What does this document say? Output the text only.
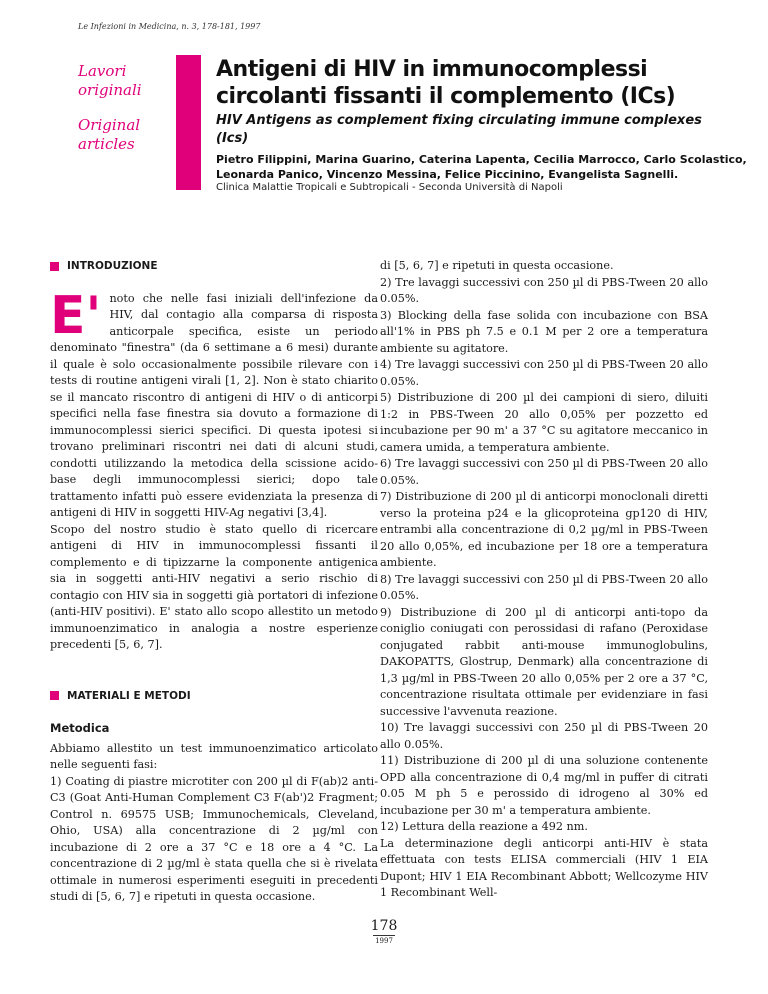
Le Infezioni in Medicina, n. 3, 178-181, 1997
Lavori
originali
Original
articles
Antigeni di HIV in immunocomplessi circolanti fissanti il complemento (ICs)
HIV Antigens as complement fixing circulating immune complexes (Ics)
Pietro Filippini, Marina Guarino, Caterina Lapenta, Cecilia Marrocco, Carlo Scolastico, Leonarda Panico, Vincenzo Messina, Felice Piccinino, Evangelista Sagnelli.
Clinica Malattie Tropicali e Subtropicali - Seconda Università di Napoli
INTRODUZIONE
E' noto che nelle fasi iniziali dell'infezione da HIV, dal contagio alla comparsa di risposta anticorpale specifica, esiste un periodo denominato "finestra" (da 6 settimane a 6 mesi) durante il quale è solo occasionalmente possibile rilevare con i tests di routine antigeni virali [1, 2]. Non è stato chiarito se il mancato riscontro di antigeni di HIV o di anticorpi specifici nella fase finestra sia dovuto a formazione di immunocomplessi sierici specifici. Di questa ipotesi si trovano preliminari riscontri nei dati di alcuni studi, condotti utilizzando la metodica della scissione acido-base degli immunocomplessi sierici; dopo tale trattamento infatti può essere evidenziata la presenza di antigeni di HIV in soggetti HIV-Ag negativi [3,4].

Scopo del nostro studio è stato quello di ricercare antigeni di HIV in immunocomplessi fissanti il complemento e di tipizzarne la componente antigenica sia in soggetti anti-HIV negativi a serio rischio di contagio con HIV sia in soggetti già portatori di infezione (anti-HIV positivi). E' stato allo scopo allestito un metodo immunoenzimatico in analogia a nostre esperienze precedenti [5, 6, 7].

MATERIALI E METODI
Metodica

Abbiamo allestito un test immunoenzimatico articolato nelle seguenti fasi:

1) Coating di piastre microtiter con 200 µl di F(ab)2 anti-C3 (Goat Anti-Human Complement C3 F(ab')2 Fragment; Control n. 69575 USB; Immunochemicals, Cleveland, Ohio, USA) alla concentrazione di 2 µg/ml con incubazione di 2 ore a 37 °C e 18 ore a 4 °C. La concentrazione di 2 µg/ml è stata quella che si è rivelata ottimale in numerosi esperimenti eseguiti in precedenti studi di [5, 6, 7] e ripetuti in questa occasione.

di [5, 6, 7] e ripetuti in questa occasione.
2) Tre lavaggi successivi con 250 µl di PBS-Tween 20 allo 0.05%.
3) Blocking della fase solida con incubazione con BSA all'1% in PBS ph 7.5 e 0.1 M per 2 ore a temperatura ambiente su agitatore.
4) Tre lavaggi successivi con 250 µl di PBS-Tween 20 allo 0.05%.
5) Distribuzione di 200 µl dei campioni di siero, diluiti 1:2 in PBS-Tween 20 allo 0,05% per pozzetto ed incubazione per 90 m' a 37 °C su agitatore meccanico in camera umida, a temperatura ambiente.
6) Tre lavaggi successivi con 250 µl di PBS-Tween 20 allo 0.05%.
7) Distribuzione di 200 µl di anticorpi monoclonali diretti verso la proteina p24 e la glicoproteina gp120 di HIV, entrambi alla concentrazione di 0,2 µg/ml in PBS-Tween 20 allo 0,05%, ed incubazione per 18 ore a temperatura ambiente.
8) Tre lavaggi successivi con 250 µl di PBS-Tween 20 allo 0.05%.
9) Distribuzione di 200 µl di anticorpi anti-topo da coniglio coniugati con perossidasi di rafano (Peroxidase conjugated rabbit anti-mouse immunoglobulins, DAKOPATTS, Glostrup, Denmark) alla concentrazione di 1,3 µg/ml in PBS-Tween 20 allo 0,05% per 2 ore a 37 °C, concentrazione risultata ottimale per evidenziare in fasi successive l'avvenuta reazione.
10) Tre lavaggi successivi con 250 µl di PBS-Tween 20 allo 0.05%.
11) Distribuzione di 200 µl di una soluzione contenente OPD alla concentrazione di 0,4 mg/ml in puffer di citrati 0.05 M ph 5 e perossido di idrogeno al 30% ed incubazione per 30 m' a temperatura ambiente.
12) Lettura della reazione a 492 nm.
La determinazione degli anticorpi anti-HIV è stata effettuata con tests ELISA commerciali (HIV 1 EIA Dupont; HIV 1 EIA Recombinant Abbott; Wellcozyme HIV 1 Recombinant Well-
178
1997
